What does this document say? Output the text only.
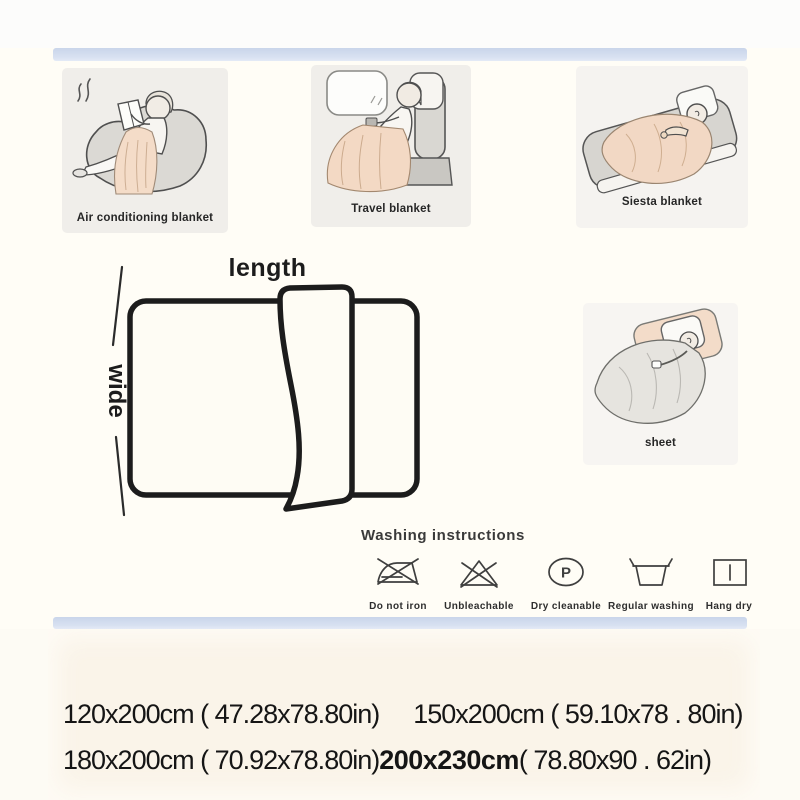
Air conditioning blanket
Travel blanket
Siesta blanket
sheet
length
wide
Washing instructions
Do not iron Unbleachable
P
Dry cleanable Regular washing Hang dry
120x200cm ( 47.28x78.80in) 150x200cm ( 59.10x78 . 80in)
180x200cm ( 70.92x78.80in) 200x230cm( 78.80x90 . 62in)
